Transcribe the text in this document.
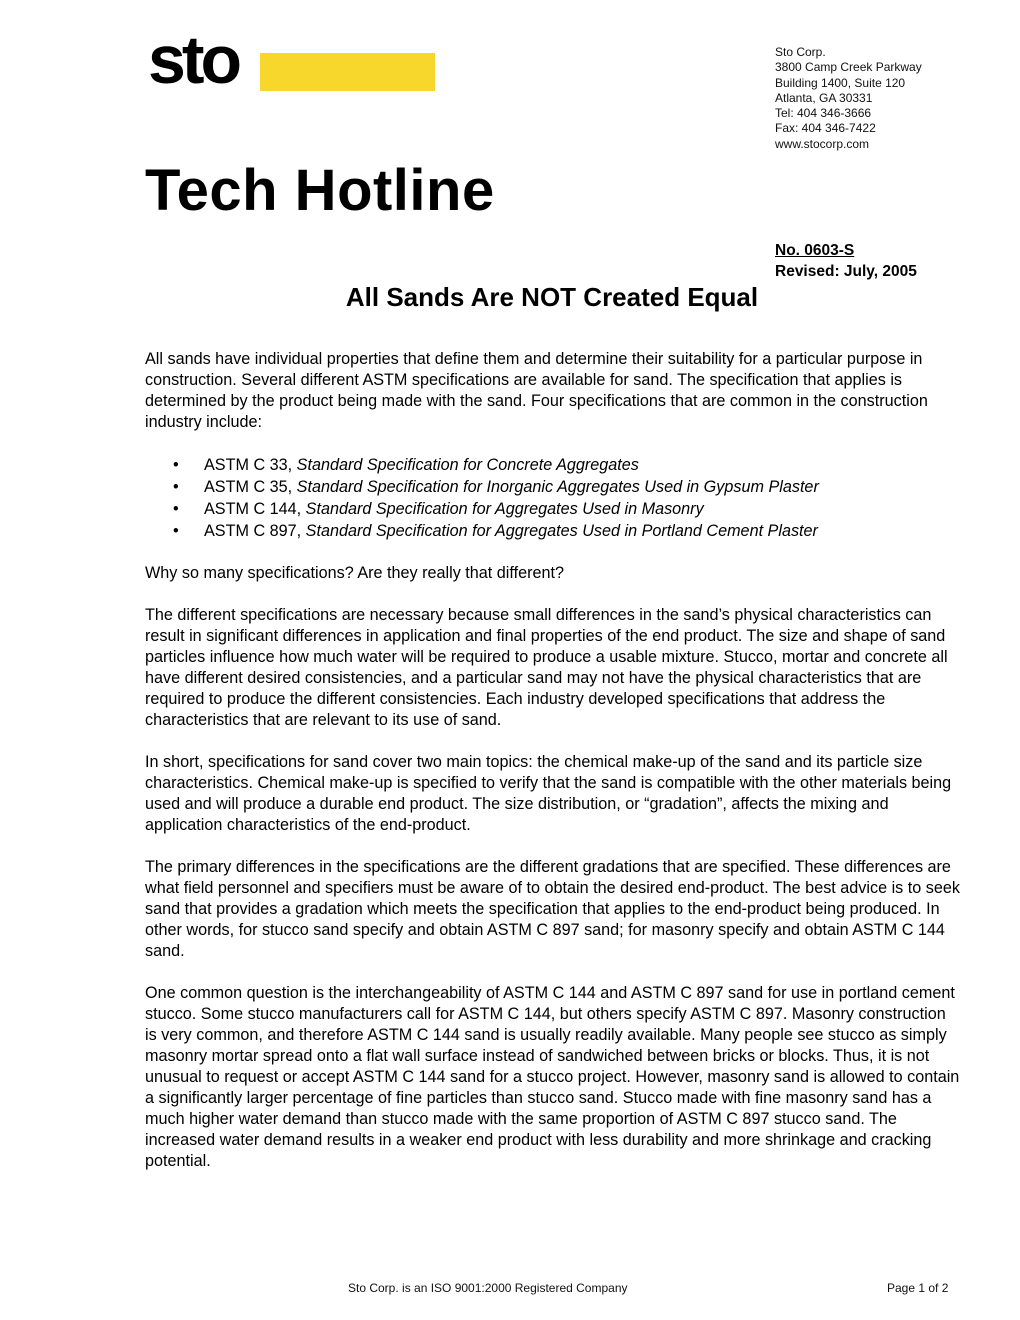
sto	Sto Corp.
3800 Camp Creek Parkway
Building 1400, Suite 120
Atlanta, GA 30331
Tel: 404 346-3666
Fax: 404 346-7422
www.stocorp.com
Tech Hotline
No. 0603-S
Revised: July, 2005
All Sands Are NOT Created Equal

All sands have individual properties that define them and determine their suitability for a particular purpose in construction. Several different ASTM specifications are available for sand. The specification that applies is determined by the product being made with the sand. Four specifications that are common in the construction industry include:

• ASTM C 33, Standard Specification for Concrete Aggregates
• ASTM C 35, Standard Specification for Inorganic Aggregates Used in Gypsum Plaster
• ASTM C 144, Standard Specification for Aggregates Used in Masonry
• ASTM C 897, Standard Specification for Aggregates Used in Portland Cement Plaster

Why so many specifications? Are they really that different?

The different specifications are necessary because small differences in the sand’s physical characteristics can result in significant differences in application and final properties of the end product. The size and shape of sand particles influence how much water will be required to produce a usable mixture. Stucco, mortar and concrete all have different desired consistencies, and a particular sand may not have the physical characteristics that are required to produce the different consistencies. Each industry developed specifications that address the characteristics that are relevant to its use of sand.

In short, specifications for sand cover two main topics: the chemical make-up of the sand and its particle size characteristics. Chemical make-up is specified to verify that the sand is compatible with the other materials being used and will produce a durable end product. The size distribution, or “gradation”, affects the mixing and application characteristics of the end-product.

The primary differences in the specifications are the different gradations that are specified. These differences are what field personnel and specifiers must be aware of to obtain the desired end-product. The best advice is to seek sand that provides a gradation which meets the specification that applies to the end-product being produced. In other words, for stucco sand specify and obtain ASTM C 897 sand; for masonry specify and obtain ASTM C 144 sand.

One common question is the interchangeability of ASTM C 144 and ASTM C 897 sand for use in portland cement stucco. Some stucco manufacturers call for ASTM C 144, but others specify ASTM C 897. Masonry construction is very common, and therefore ASTM C 144 sand is usually readily available. Many people see stucco as simply masonry mortar spread onto a flat wall surface instead of sandwiched between bricks or blocks. Thus, it is not unusual to request or accept ASTM C 144 sand for a stucco project. However, masonry sand is allowed to contain a significantly larger percentage of fine particles than stucco sand. Stucco made with fine masonry sand has a much higher water demand than stucco made with the same proportion of ASTM C 897 stucco sand. The increased water demand results in a weaker end product with less durability and more shrinkage and cracking potential.

Sto Corp. is an ISO 9001:2000 Registered Company	Page 1 of 2
